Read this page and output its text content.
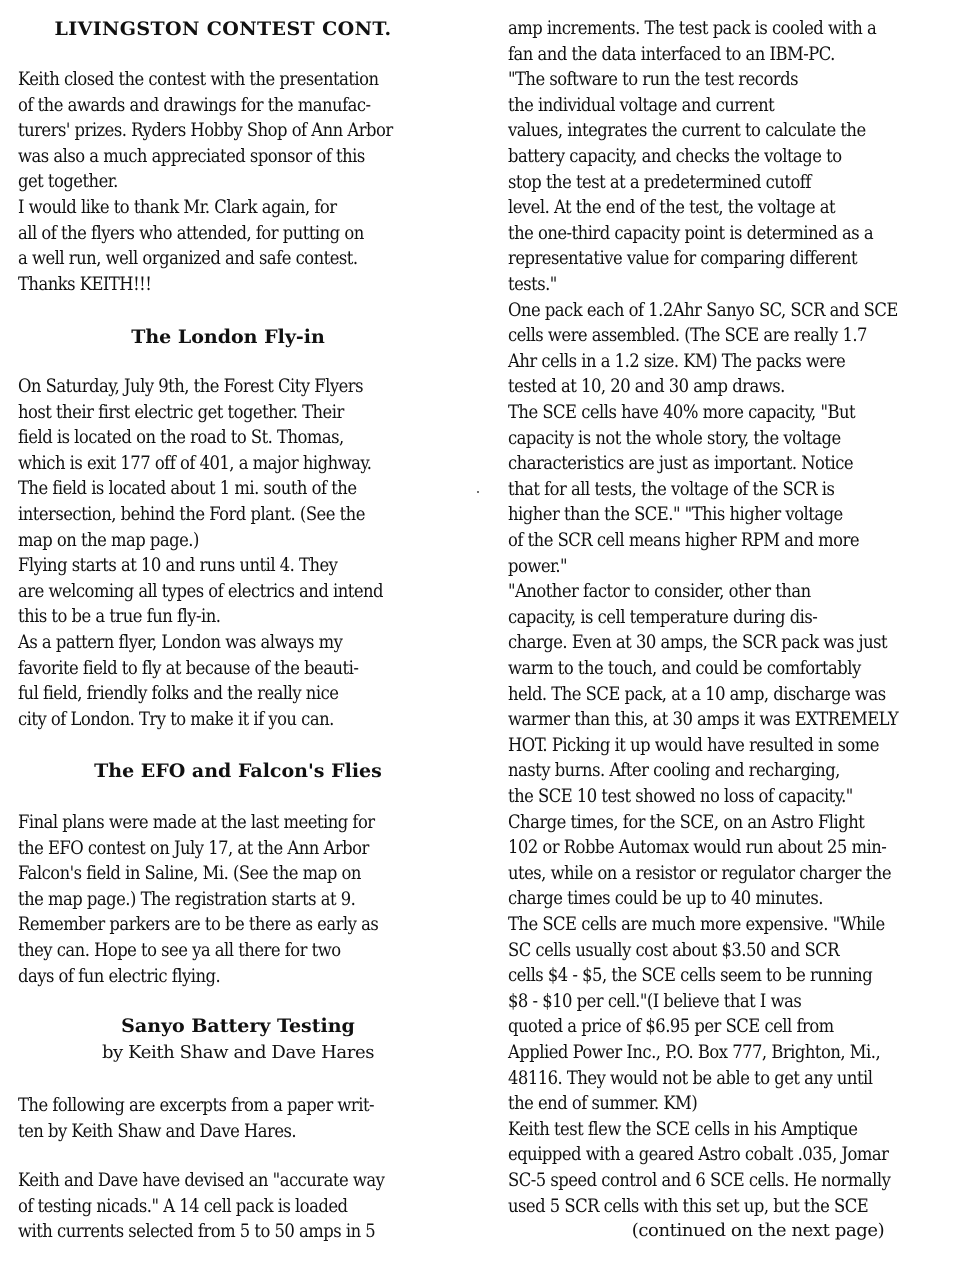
LIVINGSTON CONTEST CONT.
Keith closed the contest with the presentation
of the awards and drawings for the manufac-
turers' prizes. Ryders Hobby Shop of Ann Arbor
was also a much appreciated sponsor of this
get together.
I would like to thank Mr. Clark again, for
all of the flyers who attended, for putting on
a well run, well organized and safe contest.
Thanks KEITH!!!
The London Fly-in
On Saturday, July 9th, the Forest City Flyers
host their first electric get together. Their
field is located on the road to St. Thomas,
which is exit 177 off of 401, a major highway.
The field is located about 1 mi. south of the
intersection, behind the Ford plant. (See the
map on the map page.)
Flying starts at 10 and runs until 4. They
are welcoming all types of electrics and intend
this to be a true fun fly-in.
As a pattern flyer, London was always my
favorite field to fly at because of the beauti-
ful field, friendly folks and the really nice
city of London. Try to make it if you can.
The EFO and Falcon's Flies
Final plans were made at the last meeting for
the EFO contest on July 17, at the Ann Arbor
Falcon's field in Saline, Mi. (See the map on
the map page.) The registration starts at 9.
Remember parkers are to be there as early as
they can. Hope to see ya all there for two
days of fun electric flying.
Sanyo Battery Testing
by Keith Shaw and Dave Hares
The following are excerpts from a paper writ-
ten by Keith Shaw and Dave Hares.
Keith and Dave have devised an "accurate way
of testing nicads." A 14 cell pack is loaded
with currents selected from 5 to 50 amps in 5
amp increments. The test pack is cooled with a
fan and the data interfaced to an IBM-PC.
"The software to run the test records
the individual voltage and current
values, integrates the current to calculate the
battery capacity, and checks the voltage to
stop the test at a predetermined cutoff
level. At the end of the test, the voltage at
the one-third capacity point is determined as a
representative value for comparing different
tests."
One pack each of 1.2Ahr Sanyo SC, SCR and SCE
cells were assembled. (The SCE are really 1.7
Ahr cells in a 1.2 size. KM) The packs were
tested at 10, 20 and 30 amp draws.
The SCE cells have 40% more capacity, "But
capacity is not the whole story, the voltage
characteristics are just as important. Notice
that for all tests, the voltage of the SCR is
higher than the SCE." "This higher voltage
of the SCR cell means higher RPM and more
power."
"Another factor to consider, other than
capacity, is cell temperature during dis-
charge. Even at 30 amps, the SCR pack was just
warm to the touch, and could be comfortably
held. The SCE pack, at a 10 amp, discharge was
warmer than this, at 30 amps it was EXTREMELY
HOT. Picking it up would have resulted in some
nasty burns. After cooling and recharging,
the SCE 10 test showed no loss of capacity."
Charge times, for the SCE, on an Astro Flight
102 or Robbe Automax would run about 25 min-
utes, while on a resistor or regulator charger the
charge times could be up to 40 minutes.
The SCE cells are much more expensive. "While
SC cells usually cost about $3.50 and SCR
cells $4 - $5, the SCE cells seem to be running
$8 - $10 per cell."(I believe that I was
quoted a price of $6.95 per SCE cell from
Applied Power Inc., P.O. Box 777, Brighton, Mi.,
48116. They would not be able to get any until
the end of summer. KM)
Keith test flew the SCE cells in his Amptique
equipped with a geared Astro cobalt .035, Jomar
SC-5 speed control and 6 SCE cells. He normally
used 5 SCR cells with this set up, but the SCE
(continued on the next page)
